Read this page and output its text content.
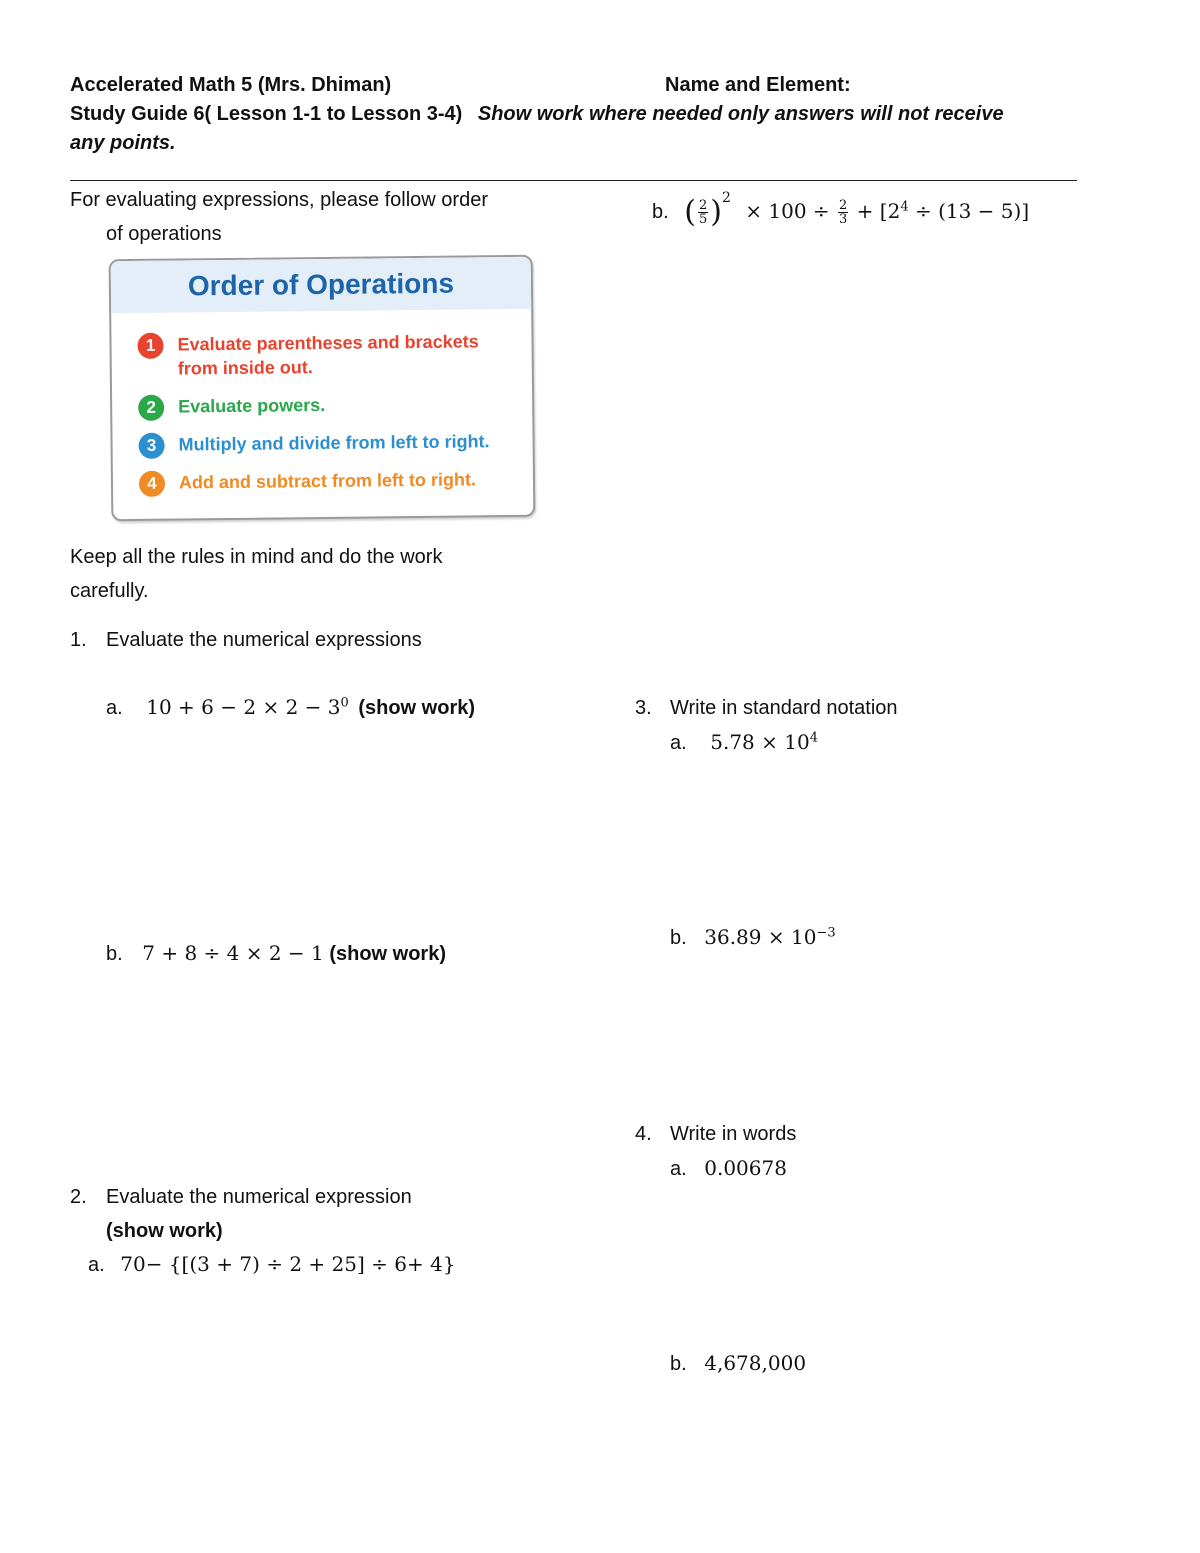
Accelerated Math 5 (Mrs. Dhiman)	Name and Element:
Study Guide 6( Lesson 1-1 to Lesson 3-4) Show work where needed only answers will not receive
any points.
For evaluating expressions, please follow order
of operations
Order of Operations
1	Evaluate parentheses and brackets
from inside out.
2	Evaluate powers.
3	Multiply and divide from left to right.
4	Add and subtract from left to right.
Keep all the rules in mind and do the work
carefully.
1. Evaluate the numerical expressions
a. $10 + 6 - 2 \times 2 - 3^0$ (show work)
b. 7 + 8 ÷ 4 × 2 − 1 (show work)
b. ( $\frac{2}{5} )^2 \times 100 \div \frac{2}{3} + [2^4 \div (13 - 5)]$
2. Evaluate the numerical expression
(show work)
a. 70− {[(3 + 7) ÷ 2 + 25] ÷ 6+ 4}
3. Write in standard notation
a. $5.78 \times 10^4$
b. $36.89 \times 10^{-3}$
4. Write in words
a. 0.00678
b. 4,678,000
